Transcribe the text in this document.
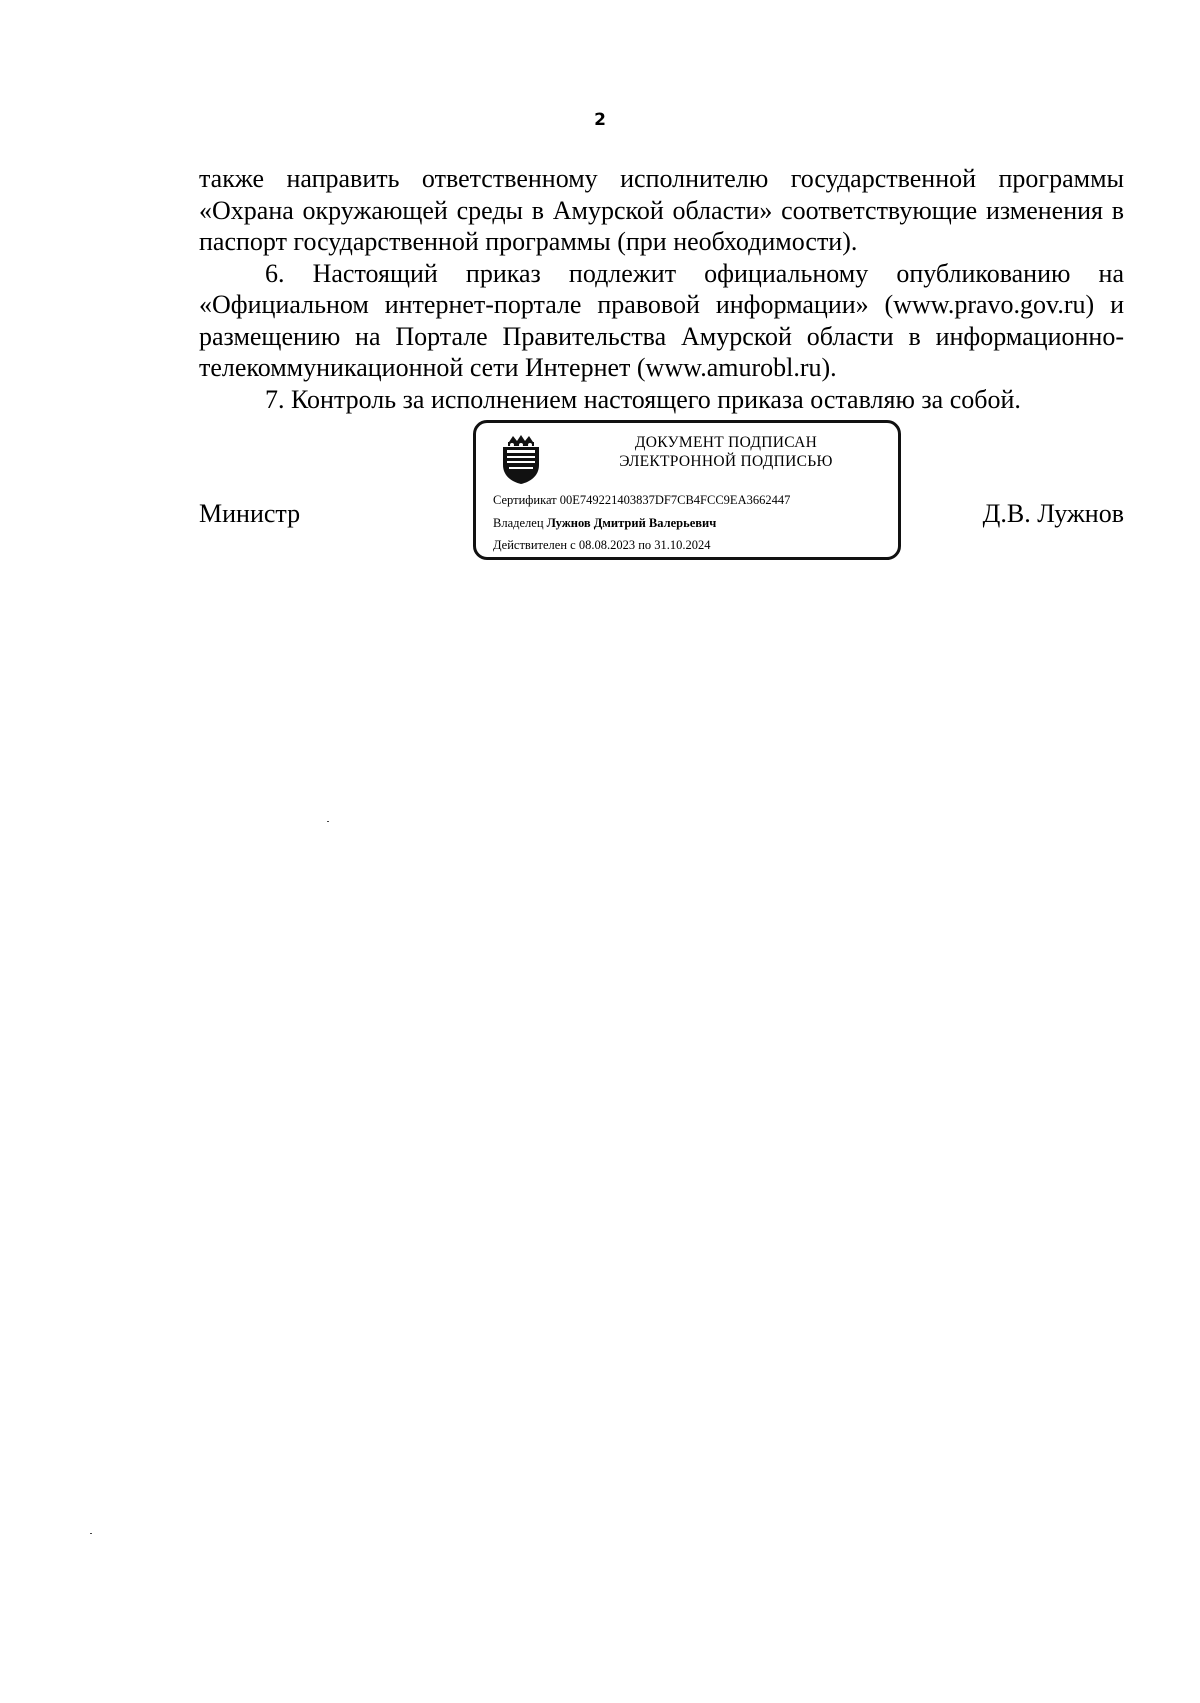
2

также направить ответственному исполнителю государственной программы «Охрана окружающей среды в Амурской области» соответствующие изменения в паспорт государственной программы (при необходимости).

6. Настоящий приказ подлежит официальному опубликованию на «Официальном интернет-портале правовой информации» (www.pravo.gov.ru) и размещению на Портале Правительства Амурской области в информационно-телекоммуникационной сети Интернет (www.amurobl.ru).

7. Контроль за исполнением настоящего приказа оставляю за собой.

ДОКУМЕНТ ПОДПИСАН
ЭЛЕКТРОННОЙ ПОДПИСЬЮ
Сертификат 00E749221403837DF7CB4FCC9EA3662447
Владелец Лужнов Дмитрий Валерьевич
Действителен с 08.08.2023 по 31.10.2024
Министр	Д.В. Лужнов
